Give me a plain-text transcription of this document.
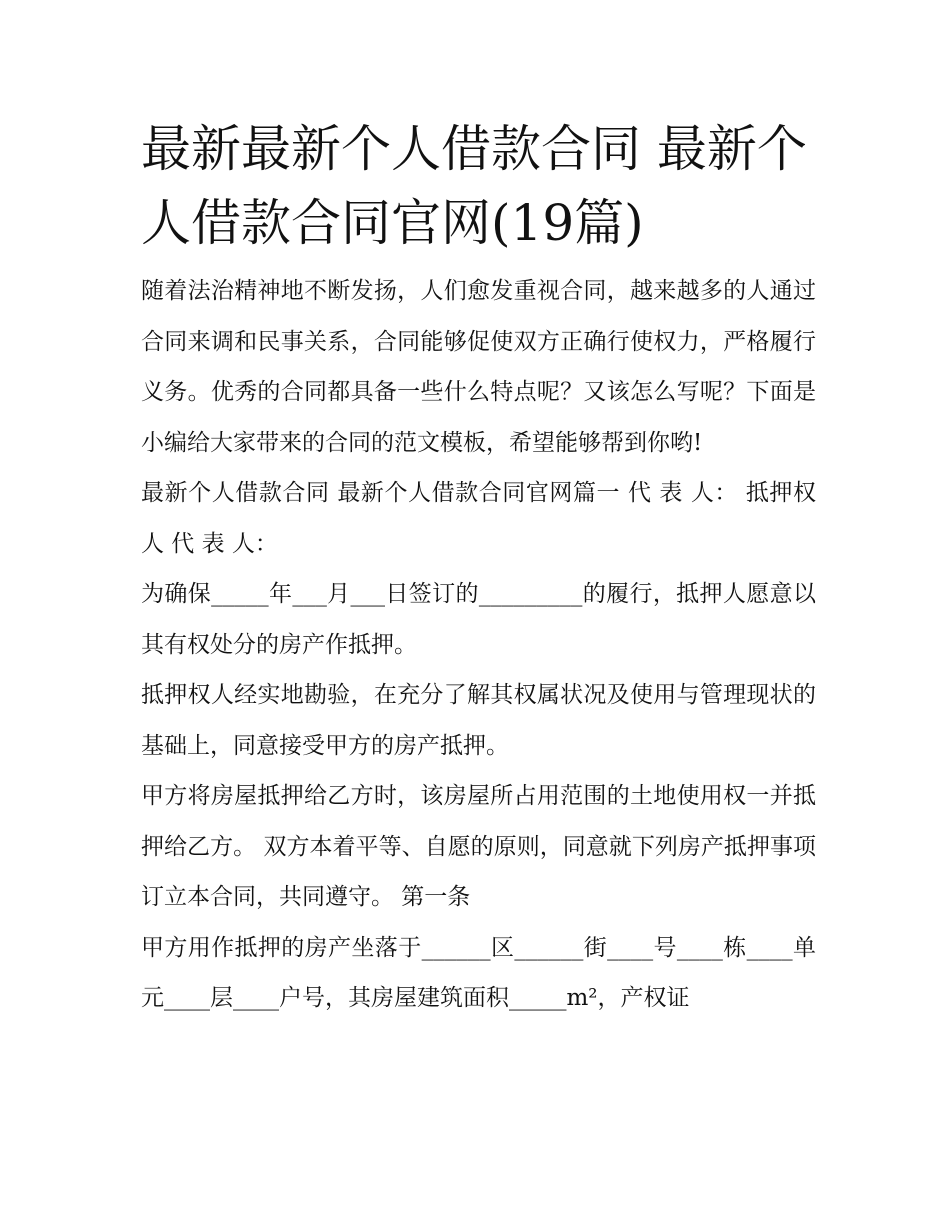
最新最新个人借款合同 最新个人借款合同官网(19篇)

随着法治精神地不断发扬，人们愈发重视合同，越来越多的人通过合同来调和民事关系，合同能够促使双方正确行使权力，严格履行义务。优秀的合同都具备一些什么特点呢？又该怎么写呢？下面是小编给大家带来的合同的范文模板，希望能够帮到你哟!

最新个人借款合同 最新个人借款合同官网篇一 代 表 人： 抵押权人 代 表 人：

为确保_____年___月___日签订的_________的履行，抵押人愿意以其有权处分的房产作抵押。

抵押权人经实地勘验，在充分了解其权属状况及使用与管理现状的基础上，同意接受甲方的房产抵押。

甲方将房屋抵押给乙方时，该房屋所占用范围的土地使用权一并抵押给乙方。 双方本着平等、自愿的原则，同意就下列房产抵押事项订立本合同，共同遵守。 第一条

甲方用作抵押的房产坐落于______区______街____号____栋____单元____层____户号，其房屋建筑面积_____m²，产权证
